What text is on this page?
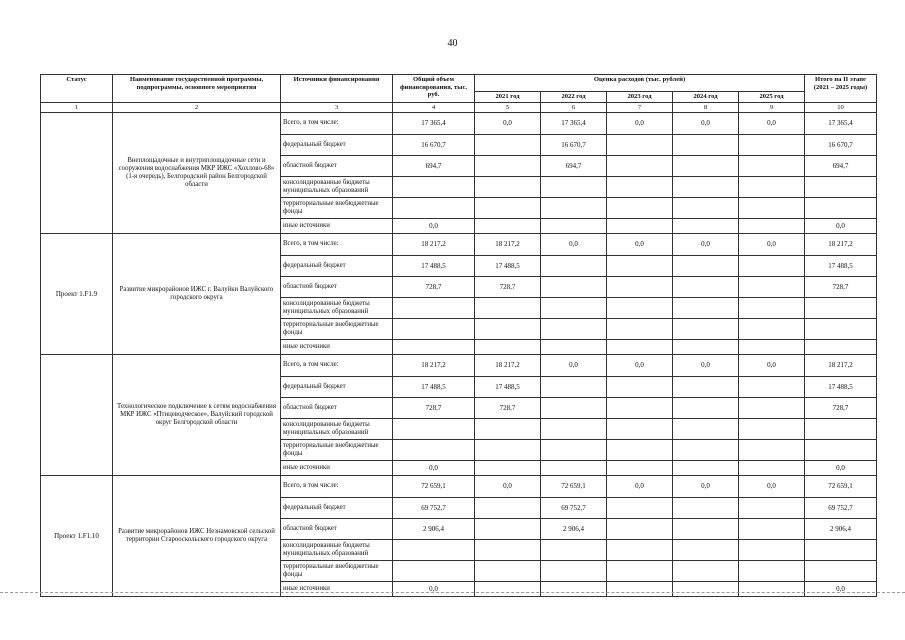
40
Статус	Наименование государственной программы, подпрограммы, основного мероприятия	Источники финансирования	Общий объем финансирования, тыс. руб.	Оценка расходов (тыс. рублей)					Итого на II этапе (2021 – 2025 годы)
				2021 год	2022 год	2023 год	2024 год	2025 год	
1	2	3	4	5	6	7	8	9	10
	Внеплощадочные и внутриплощадочные сети и сооружения водоснабжения МКР ИЖС «Хохлово-68» (1-я очередь), Белгородский район Белгородской области	Всего, в том числе:	17 365,4	0,0	17 365,4	0,0	0,0	0,0	17 365,4
		федеральный бюджет	16 670,7		16 670,7				16 670,7
		областной бюджет	694,7		694,7				694,7
		консолидированные бюджеты муниципальных образований							
		территориальные внебюджетные фонды							
		иные источники	0,0						0,0
Проект 1.F1.9	Развитие микрорайонов ИЖС г. Валуйки Валуйского городского округа	Всего, в том числе:	18 217,2	18 217,2	0,0	0,0	0,0	0,0	18 217,2
		федеральный бюджет	17 488,5	17 488,5					17 488,5
		областной бюджет	728,7	728,7					728,7
		консолидированные бюджеты муниципальных образований							
		территориальные внебюджетные фонды							
		иные источники							
	Технологическое подключение к сетям водоснабжения МКР ИЖС «Птицеводческое», Валуйский городской округ Белгородской области	Всего, в том числе:	18 217,2	18 217,2	0,0	0,0	0,0	0,0	18 217,2
		федеральный бюджет	17 488,5	17 488,5					17 488,5
		областной бюджет	728,7	728,7					728,7
		консолидированные бюджеты муниципальных образований							
		территориальные внебюджетные фонды							
		иные источники	0,0						0,0
Проект 1.F1.10	Развитие микрорайонов ИЖС Незнамовской сельской территории Старооскольского городского округа	Всего, в том числе:	72 659,1	0,0	72 659,1	0,0	0,0	0,0	72 659,1
		федеральный бюджет	69 752,7		69 752,7				69 752,7
		областной бюджет	2 906,4		2 906,4				2 906,4
		консолидированные бюджеты муниципальных образований							
		территориальные внебюджетные фонды							
		иные источники	0,0						0,0
